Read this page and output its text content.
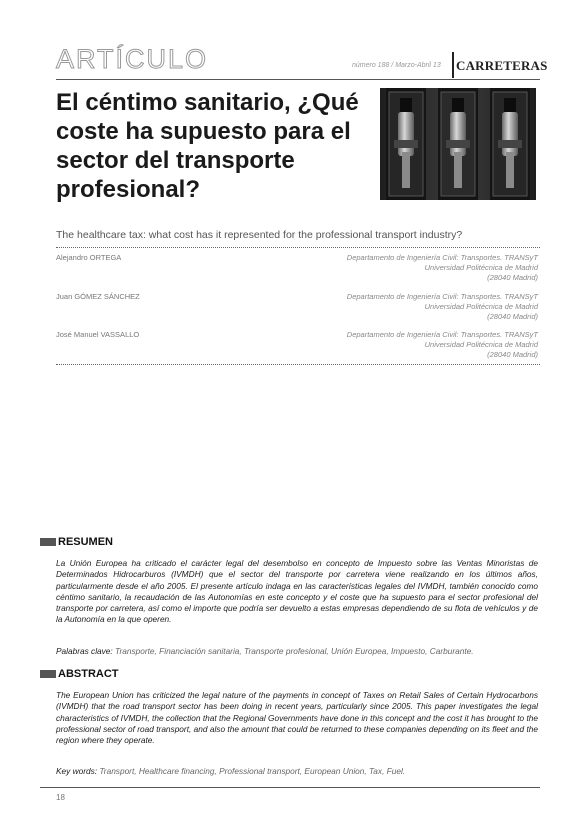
ARTÍCULO	número 188 / Marzo-Abril 13 CARRETERAS
El céntimo sanitario, ¿Qué coste ha supuesto para el sector del transporte profesional?
The healthcare tax: what cost has it represented for the professional transport industry?
Alejandro ORTEGA	Departamento de Ingeniería Civil: Transportes. TRANSyT
Universidad Politécnica de Madrid
(28040 Madrid)
Juan GÓMEZ SÁNCHEZ	Departamento de Ingeniería Civil: Transportes. TRANSyT
Universidad Politécnica de Madrid
(28040 Madrid)
José Manuel VASSALLO	Departamento de Ingeniería Civil: Transportes. TRANSyT
Universidad Politécnica de Madrid
(28040 Madrid)
RESUMEN
La Unión Europea ha criticado el carácter legal del desembolso en concepto de Impuesto sobre las Ventas Minoristas de Determinados Hidrocarburos (IVMDH) que el sector del transporte por carretera viene realizando en los últimos años, particularmente desde el año 2005. El presente artículo indaga en las características legales del IVMDH, también conocido como céntimo sanitario, la recaudación de las Autonomías en este concepto y el coste que ha supuesto para el sector profesional del transporte por carretera, así como el importe que podría ser devuelto a estas empresas dependiendo de su flota de vehículos y de la Autonomía en la que operen.
Palabras clave: Transporte, Financiación sanitaria, Transporte profesional, Unión Europea, Impuesto, Carburante.
ABSTRACT
The European Union has criticized the legal nature of the payments in concept of Taxes on Retail Sales of Certain Hydrocarbons (IVMDH) that the road transport sector has been doing in recent years, particularly since 2005. This paper investigates the legal characteristics of IVMDH, the collection that the Regional Governments have done in this concept and the cost it has brought to the professional sector of road transport, and also the amount that could be returned to these companies depending on its fleet and the region where they operate.
Key words: Transport, Healthcare financing, Professional transport, European Union, Tax, Fuel.
18
